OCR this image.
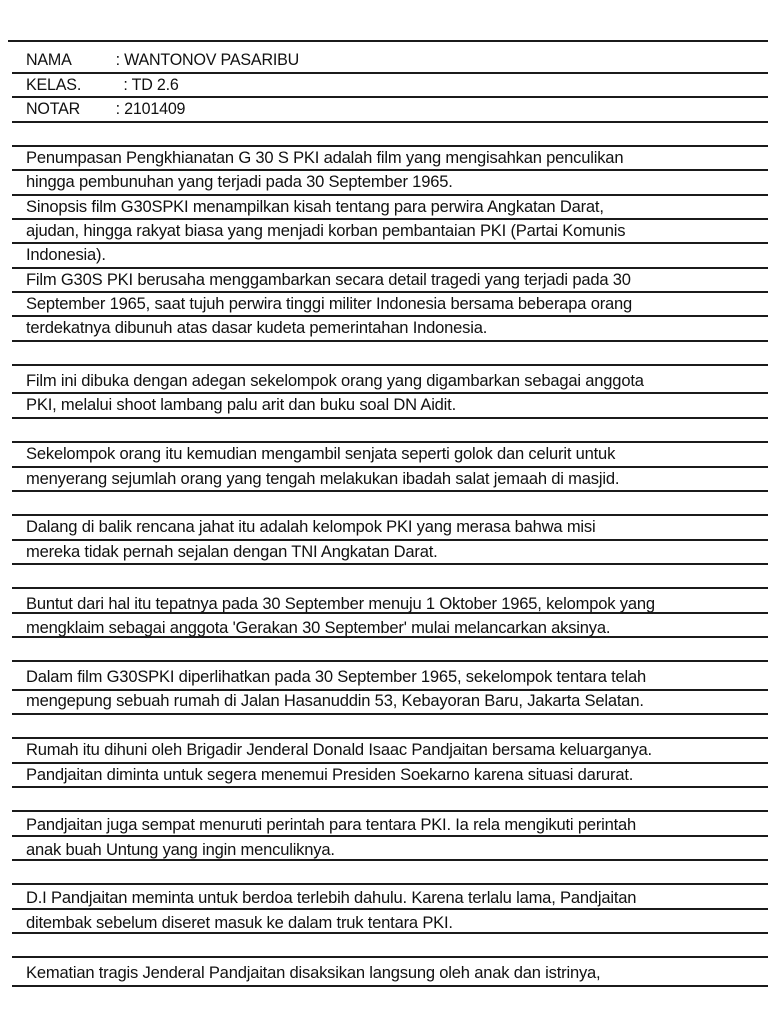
NAMA	: WANTONOV PASARIBU
KELAS.	: TD 2.6
NOTAR : 2101409
Penumpasan Pengkhianatan G 30 S PKI adalah film yang mengisahkan penculikan
hingga pembunuhan yang terjadi pada 30 September 1965.
Sinopsis film G30SPKI menampilkan kisah tentang para perwira Angkatan Darat,
ajudan, hingga rakyat biasa yang menjadi korban pembantaian PKI (Partai Komunis
Indonesia).
Film G30S PKI berusaha menggambarkan secara detail tragedi yang terjadi pada 30
September 1965, saat tujuh perwira tinggi militer Indonesia bersama beberapa orang
terdekatnya dibunuh atas dasar kudeta pemerintahan Indonesia.
Film ini dibuka dengan adegan sekelompok orang yang digambarkan sebagai anggota
PKI, melalui shoot lambang palu arit dan buku soal DN Aidit.
Sekelompok orang itu kemudian mengambil senjata seperti golok dan celurit untuk
menyerang sejumlah orang yang tengah melakukan ibadah salat jemaah di masjid.
Dalang di balik rencana jahat itu adalah kelompok PKI yang merasa bahwa misi
mereka tidak pernah sejalan dengan TNI Angkatan Darat.
Buntut dari hal itu tepatnya pada 30 September menuju 1 Oktober 1965, kelompok yang
mengklaim sebagai anggota 'Gerakan 30 September' mulai melancarkan aksinya.
Dalam film G30SPKI diperlihatkan pada 30 September 1965, sekelompok tentara telah
mengepung sebuah rumah di Jalan Hasanuddin 53, Kebayoran Baru, Jakarta Selatan.
Rumah itu dihuni oleh Brigadir Jenderal Donald Isaac Pandjaitan bersama keluarganya.
Pandjaitan diminta untuk segera menemui Presiden Soekarno karena situasi darurat.
Pandjaitan juga sempat menuruti perintah para tentara PKI. Ia rela mengikuti perintah
anak buah Untung yang ingin menculiknya.
D.I Pandjaitan meminta untuk berdoa terlebih dahulu. Karena terlalu lama, Pandjaitan
ditembak sebelum diseret masuk ke dalam truk tentara PKI.
Kematian tragis Jenderal Pandjaitan disaksikan langsung oleh anak dan istrinya,
